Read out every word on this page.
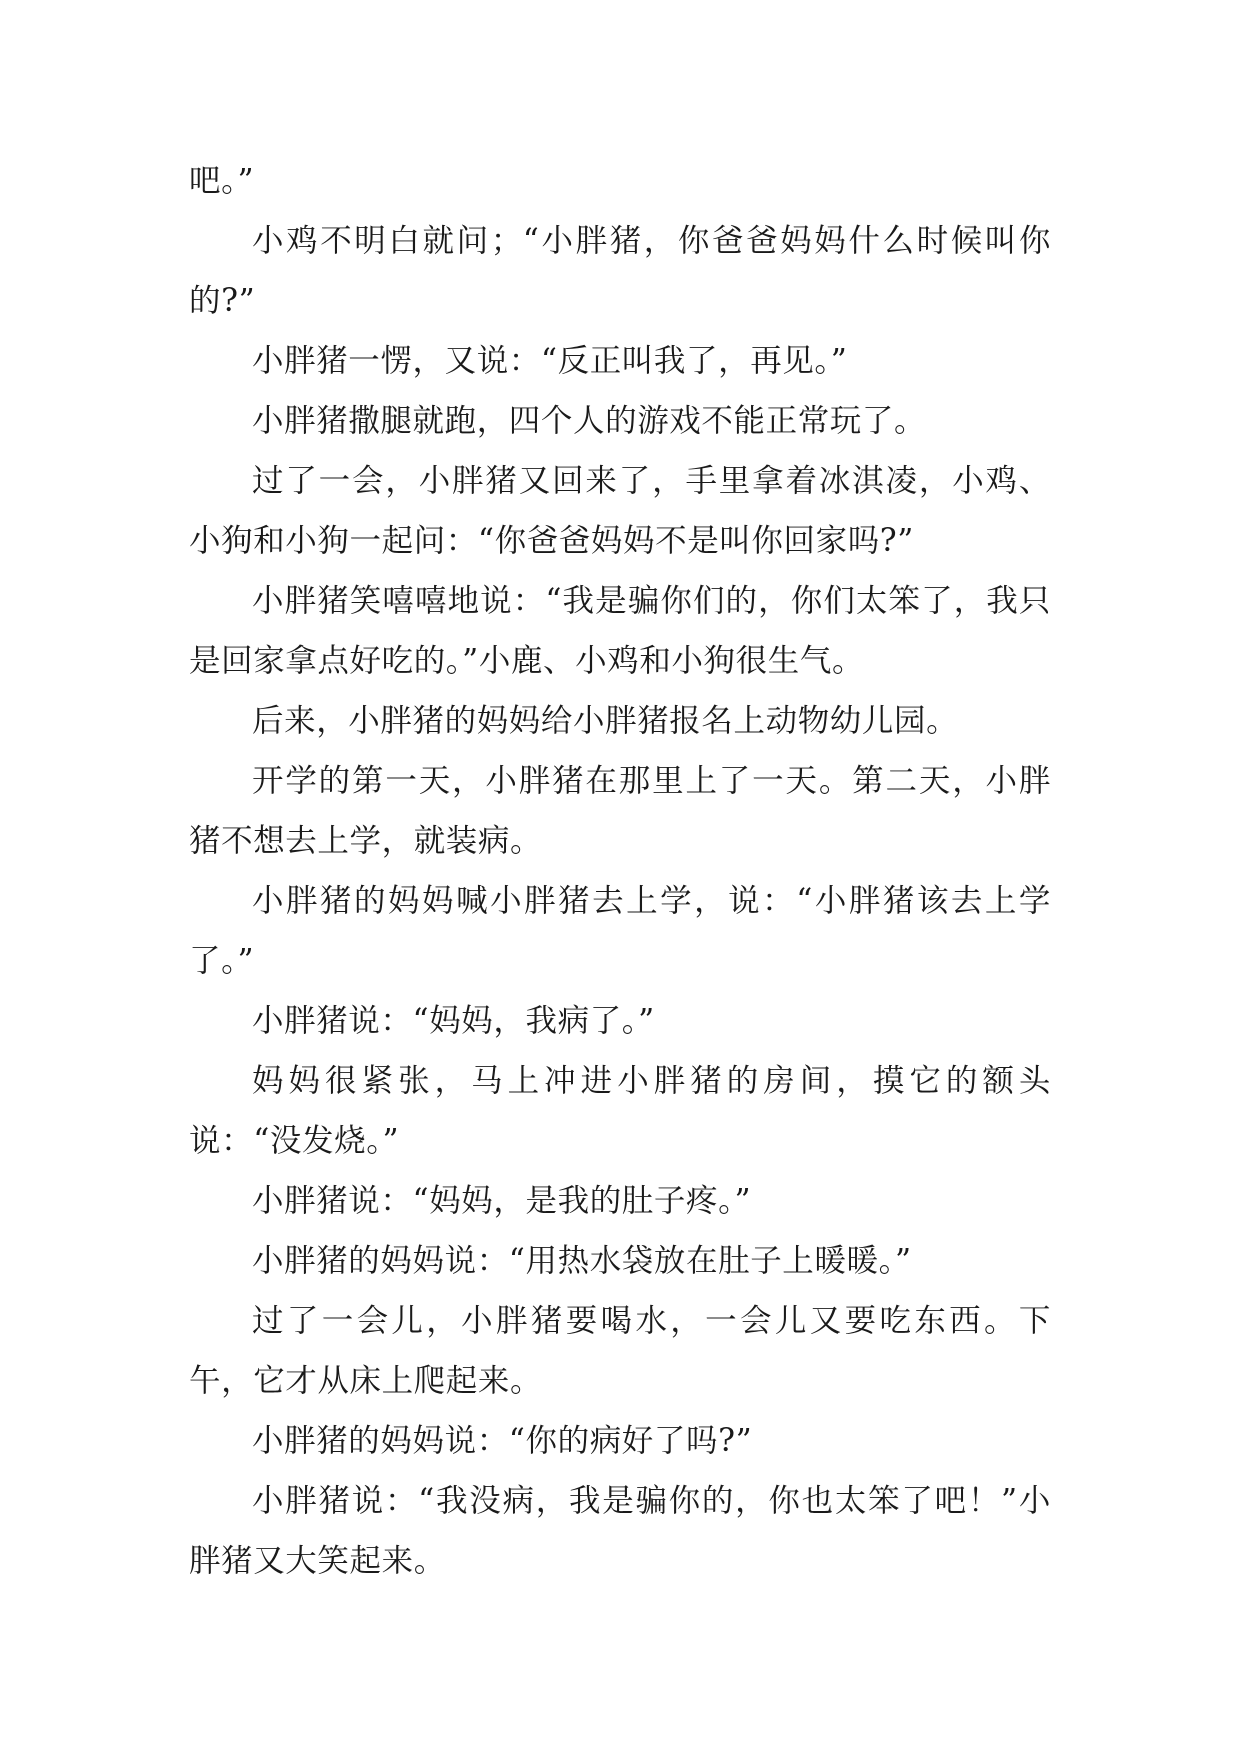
吧。”

小鸡不明白就问；“小胖猪，你爸爸妈妈什么时候叫你的?”

小胖猪一愣，又说：“反正叫我了，再见。”

小胖猪撒腿就跑，四个人的游戏不能正常玩了。

过了一会，小胖猪又回来了，手里拿着冰淇凌，小鸡、小狗和小狗一起问：“你爸爸妈妈不是叫你回家吗?”

小胖猪笑嘻嘻地说：“我是骗你们的，你们太笨了，我只是回家拿点好吃的。”小鹿、小鸡和小狗很生气。

后来，小胖猪的妈妈给小胖猪报名上动物幼儿园。

开学的第一天，小胖猪在那里上了一天。第二天，小胖猪不想去上学，就装病。

小胖猪的妈妈喊小胖猪去上学，说：“小胖猪该去上学了。”

小胖猪说：“妈妈，我病了。”

妈妈很紧张，马上冲进小胖猪的房间，摸它的额头说：“没发烧。”

小胖猪说：“妈妈，是我的肚子疼。”

小胖猪的妈妈说：“用热水袋放在肚子上暖暖。”

过了一会儿，小胖猪要喝水，一会儿又要吃东西。下午，它才从床上爬起来。

小胖猪的妈妈说：“你的病好了吗?”

小胖猪说：“我没病，我是骗你的，你也太笨了吧！”小胖猪又大笑起来。
